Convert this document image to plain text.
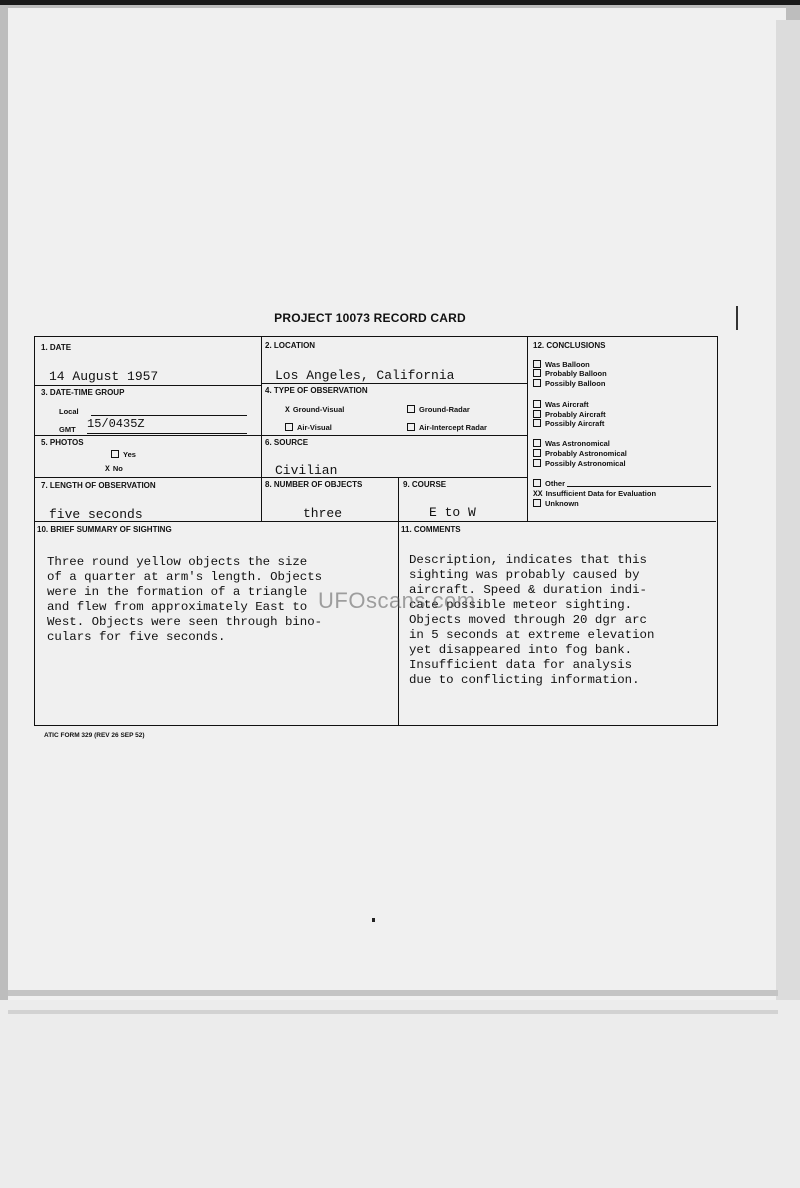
PROJECT 10073 RECORD CARD
1. DATE
14 August 1957
2. LOCATION
Los Angeles, California
3. DATE-TIME GROUP
Local
GMT 15/0435Z
4. TYPE OF OBSERVATION
X Ground-Visual	Ground-Radar
Air-Visual	Air-Intercept Radar
5. PHOTOS
Yes
X No
6. SOURCE
Civilian
7. LENGTH OF OBSERVATION
five seconds
8. NUMBER OF OBJECTS
three
9. COURSE
E to W
12. CONCLUSIONS
Was Balloon
Probably Balloon
Possibly Balloon
Was Aircraft
Probably Aircraft
Possibly Aircraft
Was Astronomical
Probably Astronomical
Possibly Astronomical
Other
XX Insufficient Data for Evaluation
Unknown
10. BRIEF SUMMARY OF SIGHTING

Three round yellow objects the size
of a quarter at arm's length. Objects
were in the formation of a triangle
and flew from approximately East to
West. Objects were seen through bino-
culars for five seconds.
11. COMMENTS

Description, indicates that this
sighting was probably caused by
aircraft. Speed & duration indi-
cate possible meteor sighting.
Objects moved through 20 dgr arc
in 5 seconds at extreme elevation
yet disappeared into fog bank.
Insufficient data for analysis
due to conflicting information.
UFOscans.com
ATIC FORM 329 (REV 26 SEP 52)
